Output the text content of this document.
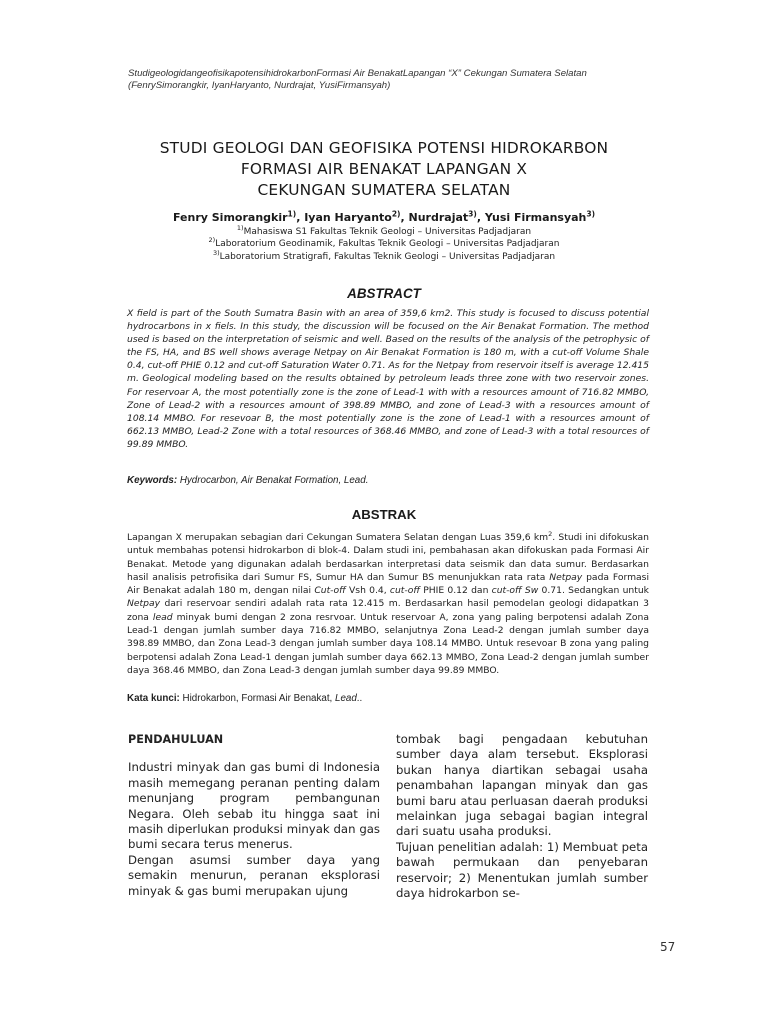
StudigeologidangeofisikapotensihidrokarbonFormasi Air BenakatLapangan “X” Cekungan Sumatera Selatan
(FenrySimorangkir, IyanHaryanto, Nurdrajat, YusiFirmansyah)
STUDI GEOLOGI DAN GEOFISIKA POTENSI HIDROKARBON
FORMASI AIR BENAKAT LAPANGAN X
CEKUNGAN SUMATERA SELATAN
Fenry Simorangkir$^{1)}$, Iyan Haryanto$^{2)}$, Nurdrajat$^{3)}$, Yusi Firmansyah$^{3)}$
$^{1)}$Mahasiswa S1 Fakultas Teknik Geologi – Universitas Padjadjaran
$^{2)}$Laboratorium Geodinamik, Fakultas Teknik Geologi – Universitas Padjadjaran
$^{3)}$Laboratorium Stratigrafi, Fakultas Teknik Geologi – Universitas Padjadjaran
ABSTRACT
X field is part of the South Sumatra Basin with an area of 359,6 km2. This study is focused to discuss potential hydrocarbons in x fiels. In this study, the discussion will be focused on the Air Benakat Formation. The method used is based on the interpretation of seismic and well. Based on the results of the analysis of the petrophysic of the FS, HA, and BS well shows average Netpay on Air Benakat Formation is 180 m, with a cut-off Volume Shale 0.4, cut-off PHIE 0.12 and cut-off Saturation Water 0.71. As for the Netpay from reservoir itself is average 12.415 m. Geological modeling based on the results obtained by petroleum leads three zone with two reservoir zones. For reservoar A, the most potentially zone is the zone of Lead-1 with with a resources amount of 716.82 MMBO, Zone of Lead-2 with a resources amount of 398.89 MMBO, and zone of Lead-3 with a resources amount of 108.14 MMBO. For resevoar B, the most potentially zone is the zone of Lead-1 with a resources amount of 662.13 MMBO, Lead-2 Zone with a total resources of 368.46 MMBO, and zone of Lead-3 with a total resources of 99.89 MMBO.
Keywords: Hydrocarbon, Air Benakat Formation, Lead.
ABSTRAK
Lapangan X merupakan sebagian dari Cekungan Sumatera Selatan dengan Luas 359,6 $km^2$. Studi ini difokuskan untuk membahas potensi hidrokarbon di blok-4. Dalam studi ini, pembahasan akan difokuskan pada Formasi Air Benakat. Metode yang digunakan adalah berdasarkan interpretasi data seismik dan data sumur. Berdasarkan hasil analisis petrofisika dari Sumur FS, Sumur HA dan Sumur BS menunjukkan rata rata Netpay pada Formasi Air Benakat adalah 180 m, dengan nilai Cut-off Vsh 0.4, cut-off PHIE 0.12 dan cut-off Sw 0.71. Sedangkan untuk Netpay dari reservoar sendiri adalah rata rata 12.415 m. Berdasarkan hasil pemodelan geologi didapatkan 3 zona lead minyak bumi dengan 2 zona resrvoar. Untuk reservoar A, zona yang paling berpotensi adalah Zona Lead-1 dengan jumlah sumber daya 716.82 MMBO, selanjutnya Zona Lead-2 dengan jumlah sumber daya 398.89 MMBO, dan Zona Lead-3 dengan jumlah sumber daya 108.14 MMBO. Untuk resevoar B zona yang paling berpotensi adalah Zona Lead-1 dengan jumlah sumber daya 662.13 MMBO, Zona Lead-2 dengan jumlah sumber daya 368.46 MMBO, dan Zona Lead-3 dengan jumlah sumber daya 99.89 MMBO.
Kata kunci: Hidrokarbon, Formasi Air Benakat, Lead..
PENDAHULUAN

Industri minyak dan gas bumi di Indonesia masih memegang peranan penting dalam menunjang program pembangunan Negara. Oleh sebab itu hingga saat ini masih diperlukan produksi minyak dan gas bumi secara terus menerus.

Dengan asumsi sumber daya yang semakin menurun, peranan eksplorasi minyak & gas bumi merupakan ujung

tombak bagi pengadaan kebutuhan sumber daya alam tersebut. Eksplorasi bukan hanya diartikan sebagai usaha penambahan lapangan minyak dan gas bumi baru atau perluasan daerah produksi melainkan juga sebagai bagian integral dari suatu usaha produksi.

Tujuan penelitian adalah: 1) Membuat peta bawah permukaan dan penyebaran reservoir; 2) Menentukan jumlah sumber daya hidrokarbon se-

57
